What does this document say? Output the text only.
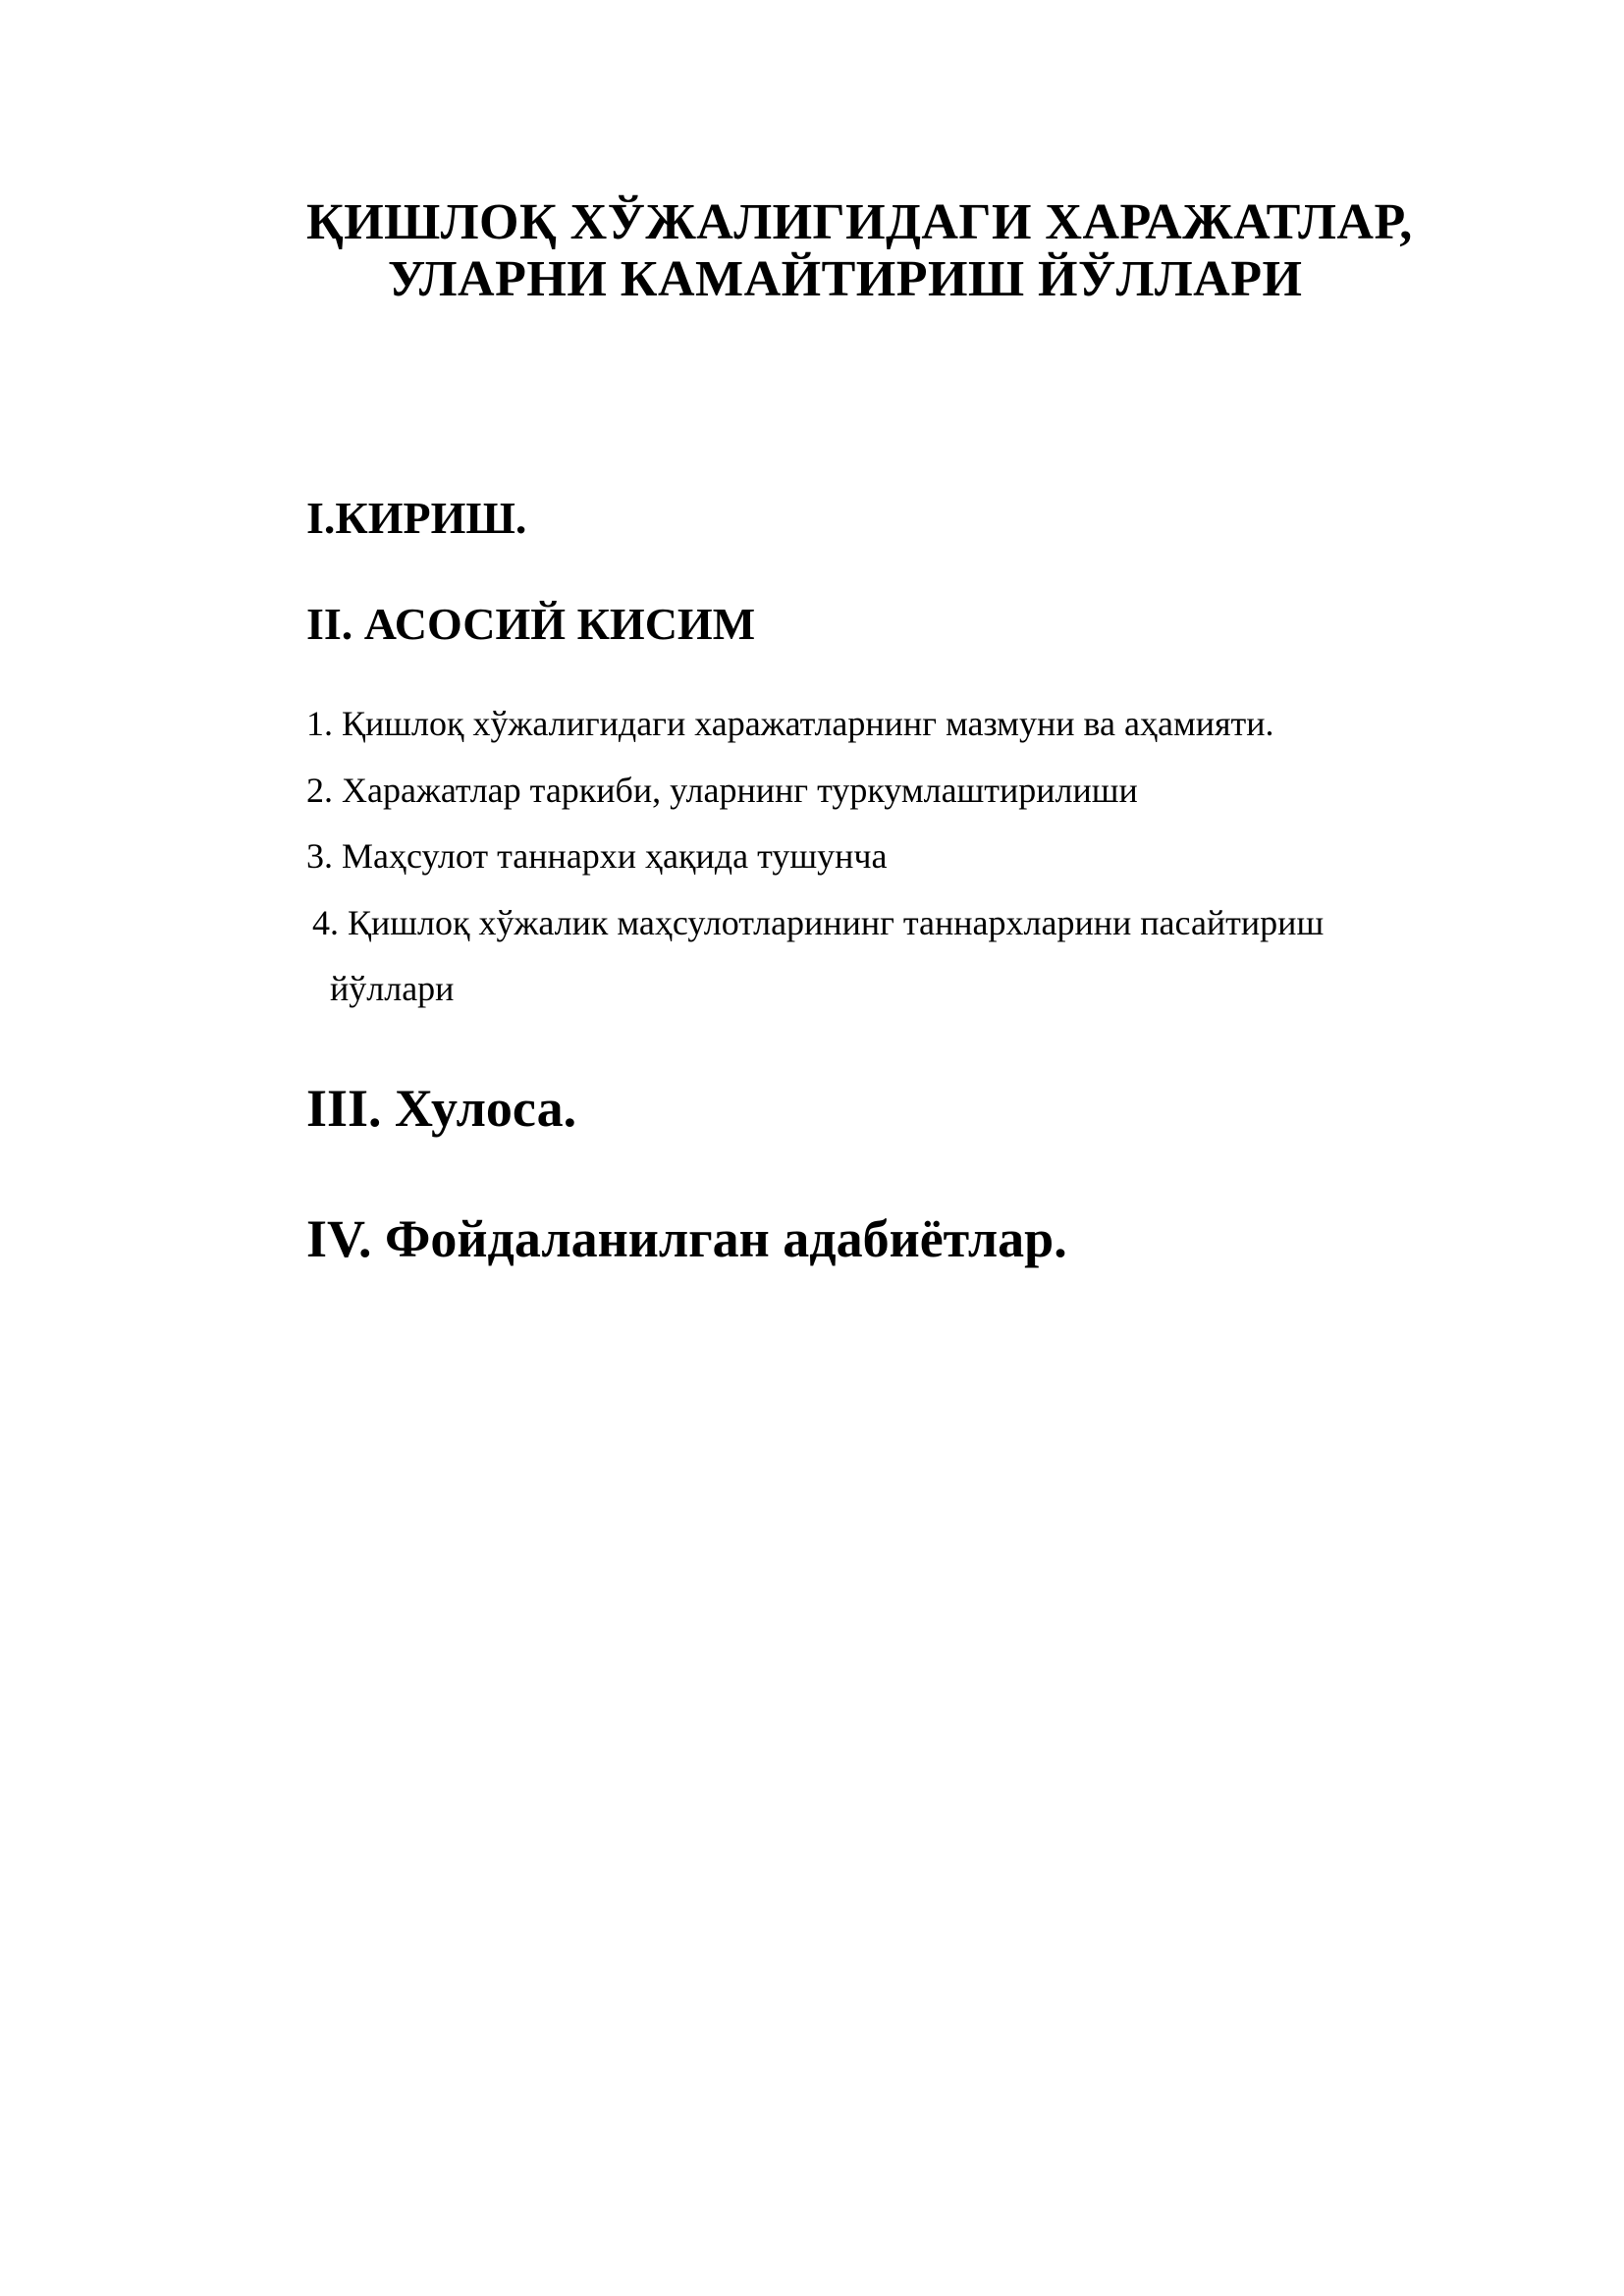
ҚИШЛОҚ ХЎЖАЛИГИДАГИ ХАРАЖАТЛАР,
УЛАРНИ КАМАЙТИРИШ ЙЎЛЛАРИ
I.КИРИШ.
II. АСОСИЙ КИСИМ
1. Қишлоқ хўжалигидаги харажатларнинг мазмуни ва аҳамияти.
2. Харажатлар таркиби, уларнинг туркумлаштирилиши
3. Маҳсулот таннархи ҳақида тушунча
4. Қишлоқ хўжалик маҳсулотларининг таннархларини пасайтириш
йўллари
III. Хулоса.
IV. Фойдаланилган адабиётлар.
